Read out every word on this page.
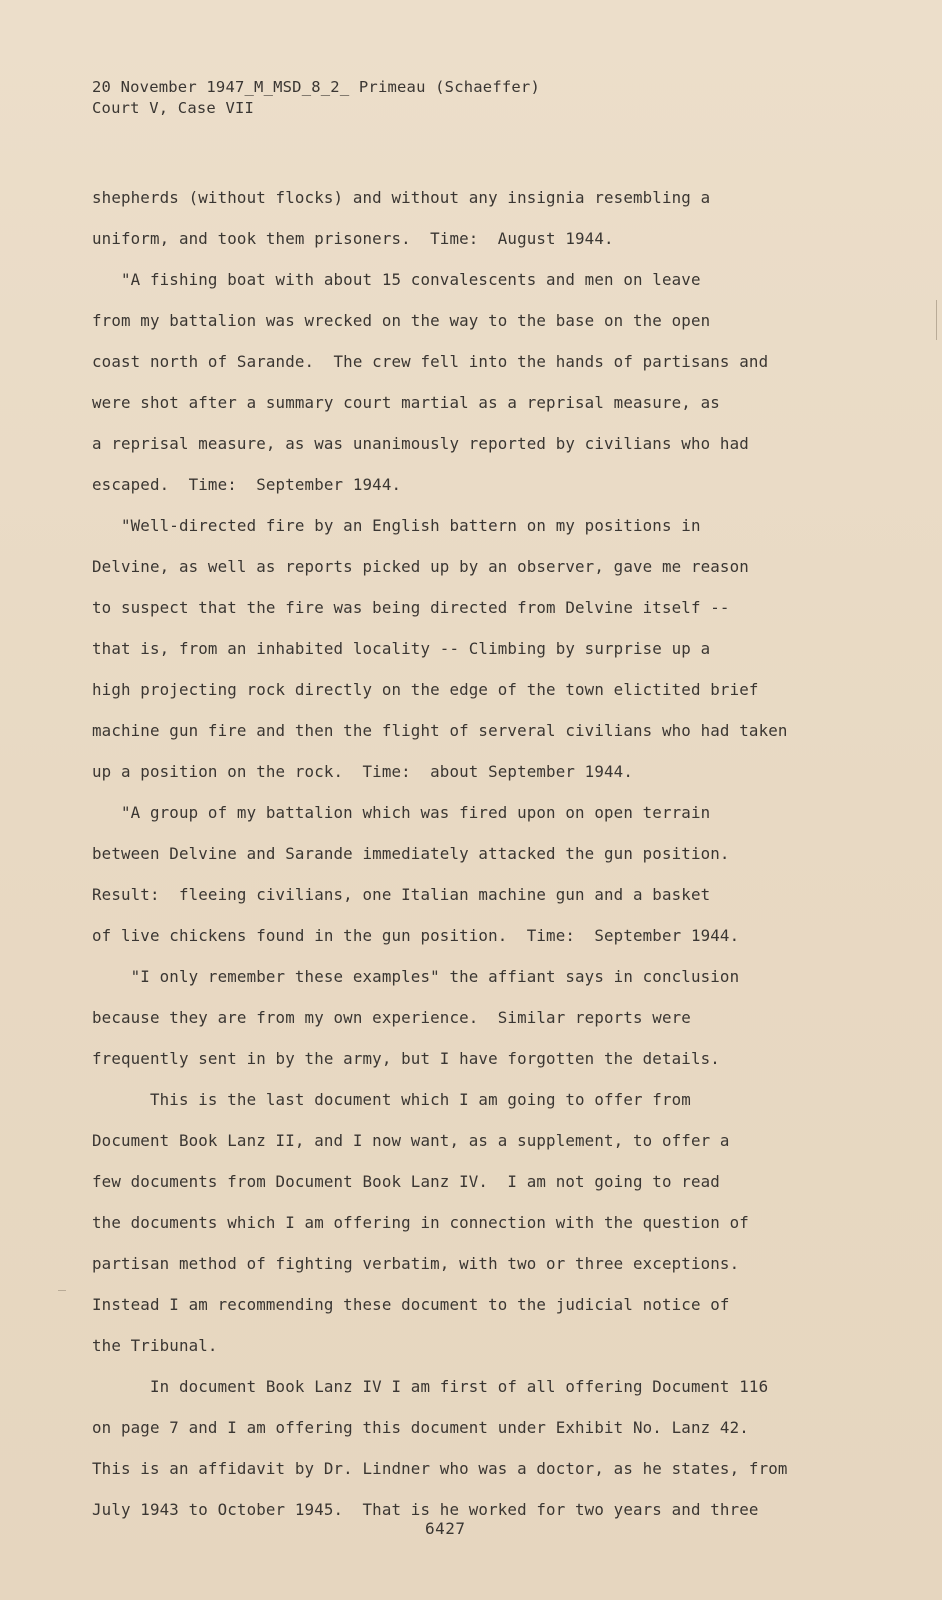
20 November 1947_M_MSD_8_2_ Primeau (Schaeffer)
Court V, Case VII
shepherds (without flocks) and without any insignia resembling a
uniform, and took them prisoners.  Time:  August 1944.
"A fishing boat with about 15 convalescents and men on leave
from my battalion was wrecked on the way to the base on the open
coast north of Sarande.  The crew fell into the hands of partisans and
were shot after a summary court martial as a reprisal measure, as
a reprisal measure, as was unanimously reported by civilians who had
escaped.  Time:  September 1944.
"Well-directed fire by an English battern on my positions in
Delvine, as well as reports picked up by an observer, gave me reason
to suspect that the fire was being directed from Delvine itself --
that is, from an inhabited locality -- Climbing by surprise up a
high projecting rock directly on the edge of the town elictited brief
machine gun fire and then the flight of serveral civilians who had taken
up a position on the rock.  Time:  about September 1944.
"A group of my battalion which was fired upon on open terrain
between Delvine and Sarande immediately attacked the gun position.
Result:  fleeing civilians, one Italian machine gun and a basket
of live chickens found in the gun position.  Time:  September 1944.
"I only remember these examples" the affiant says in conclusion
because they are from my own experience.  Similar reports were
frequently sent in by the army, but I have forgotten the details.
This is the last document which I am going to offer from
Document Book Lanz II, and I now want, as a supplement, to offer a
few documents from Document Book Lanz IV.  I am not going to read
the documents which I am offering in connection with the question of
partisan method of fighting verbatim, with two or three exceptions.
Instead I am recommending these document to the judicial notice of
the Tribunal.
In document Book Lanz IV I am first of all offering Document 116
on page 7 and I am offering this document under Exhibit No. Lanz 42.
This is an affidavit by Dr. Lindner who was a doctor, as he states, from
July 1943 to October 1945.  That is he worked for two years and three
6427
